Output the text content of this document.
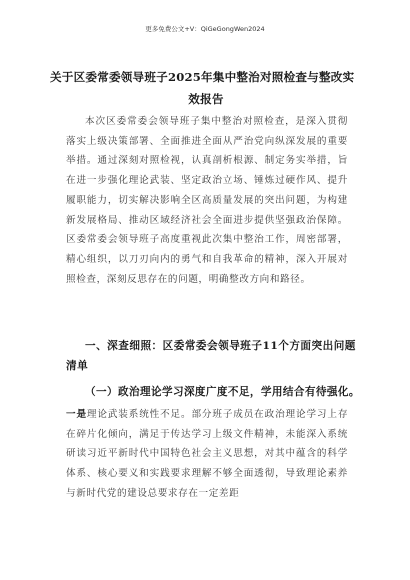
更多免费公文+V：QiGeGongWen2024
关于区委常委领导班子2025年集中整治对照检查与整改实
效报告
本次区委常委会领导班子集中整治对照检查，是深入贯彻落实上级决策部署、全面推进全面从严治党向纵深发展的重要举措。通过深刻对照检视，认真剖析根源、制定务实举措，旨在进一步强化理论武装、坚定政治立场、锤炼过硬作风、提升履职能力，切实解决影响全区高质量发展的突出问题，为构建新发展格局、推动区域经济社会全面进步提供坚强政治保障。区委常委会领导班子高度重视此次集中整治工作，周密部署，精心组织，以刀刃向内的勇气和自我革命的精神，深入开展对照检查，深刻反思存在的问题，明确整改方向和路径。
一、深查细照：区委常委会领导班子11个方面突出问题清单
（一）政治理论学习深度广度不足，学用结合有待强化。
一是理论武装系统性不足。部分班子成员在政治理论学习上存在碎片化倾向，满足于传达学习上级文件精神，未能深入系统研读习近平新时代中国特色社会主义思想，对其中蕴含的科学体系、核心要义和实践要求理解不够全面透彻，导致理论素养与新时代党的建设总要求存在一定差距
